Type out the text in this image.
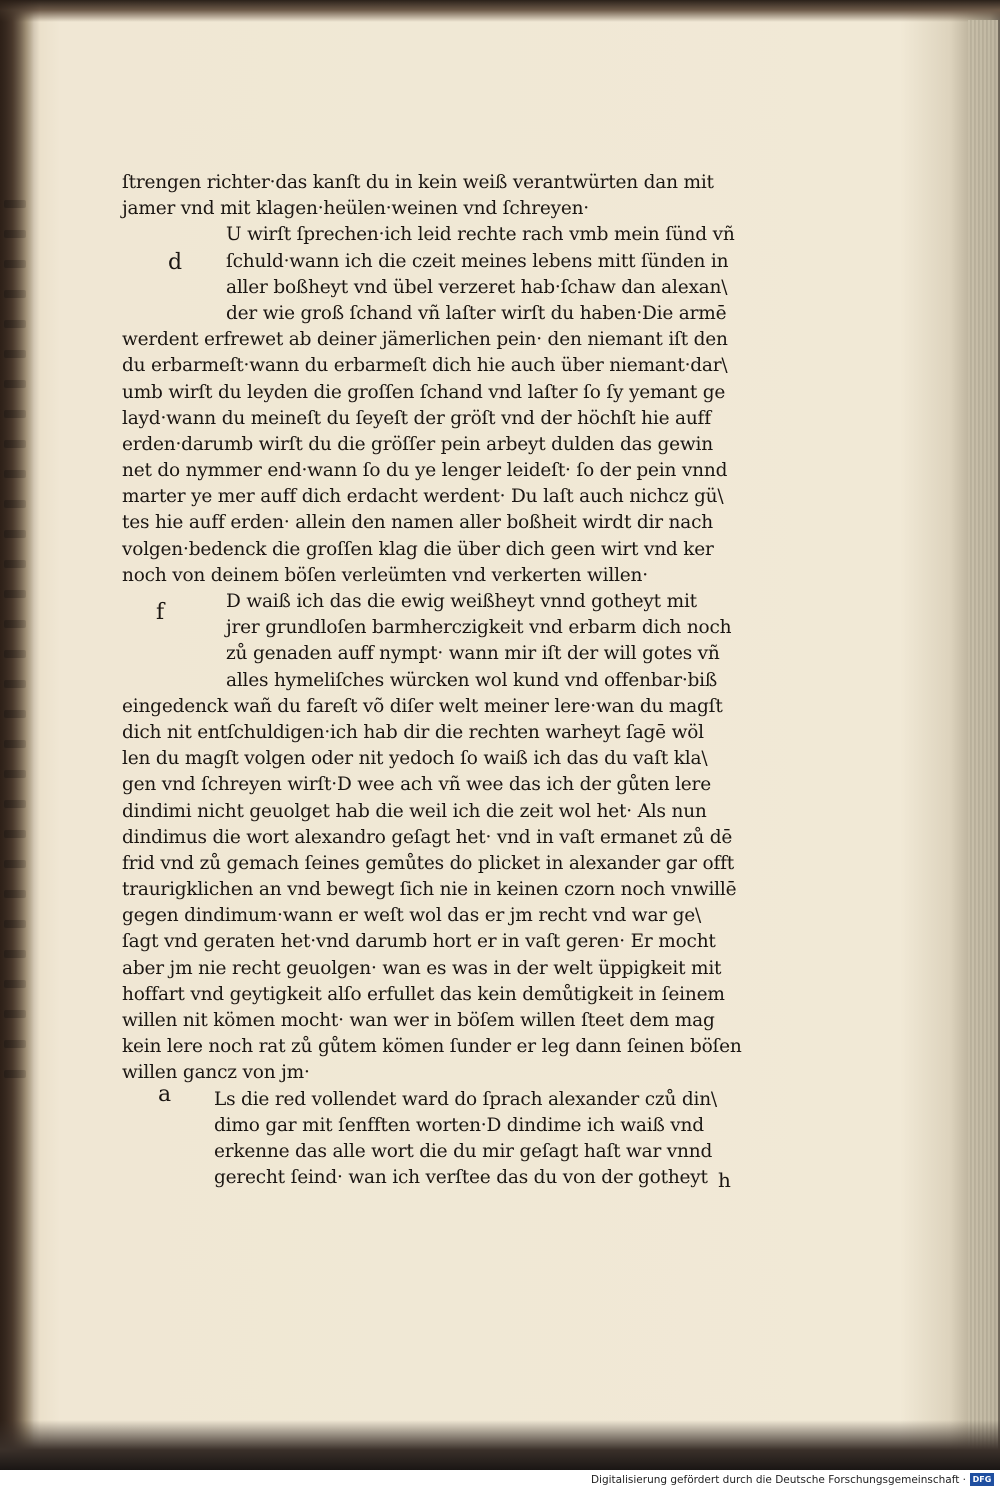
ſtrengen richter·das kanſt du in kein weiß verantwürten dan mit
jamer vnd mit klagen·heülen·weinen vnd ſchreyen·
U wirſt ſprechen·ich leid rechte rach vmb mein ſünd vñ
ſchuld·wann ich die czeit meines lebens mitt ſünden in
aller boßheyt vnd übel verzeret hab·ſchaw dan alexan\
der wie groß ſchand vñ laſter wirſt du haben·Die armē
werdent erfrewet ab deiner jämerlichen pein· den niemant iſt den
du erbarmeſt·wann du erbarmeſt dich hie auch über niemant·dar\
umb wirſt du leyden die groſſen ſchand vnd laſter ſo ſy yemant ge
layd·wann du meineſt du ſeyeſt der gröſt vnd der höchſt hie auff
erden·darumb wirſt du die gröſſer pein arbeyt dulden das gewin
net do nymmer end·wann ſo du ye lenger leideſt· ſo der pein vnnd
marter ye mer auff dich erdacht werdent· Du laſt auch nichcz gü\
tes hie auff erden· allein den namen aller boßheit wirdt dir nach
volgen·bedenck die groſſen klag die über dich geen wirt vnd ker
noch von deinem böſen verleümten vnd verkerten willen·
D waiß ich das die ewig weißheyt vnnd gotheyt mit
jrer grundloſen barmherczigkeit vnd erbarm dich noch
zů genaden auff nympt· wann mir iſt der will gotes vñ
alles hymeliſches würcken wol kund vnd offenbar·biß
eingedenck wañ du fareſt võ diſer welt meiner lere·wan du magſt
dich nit entſchuldigen·ich hab dir die rechten warheyt ſagē wöl
len du magſt volgen oder nit yedoch ſo waiß ich das du vaſt kla\
gen vnd ſchreyen wirſt·D wee ach vñ wee das ich der gůten lere
dindimi nicht geuolget hab die weil ich die zeit wol het· Als nun
dindimus die wort alexandro geſagt het· vnd in vaſt ermanet zů dē
frid vnd zů gemach ſeines gemůtes do plicket in alexander gar offt
traurigklichen an vnd bewegt ſich nie in keinen czorn noch vnwillē
gegen dindimum·wann er weſt wol das er jm recht vnd war ge\
ſagt vnd geraten het·vnd darumb hort er in vaſt geren· Er mocht
aber jm nie recht geuolgen· wan es was in der welt üppigkeit mit
hoffart vnd geytigkeit alſo erfullet das kein demůtigkeit in ſeinem
willen nit kömen mocht· wan wer in böſem willen ſteet dem mag
kein lere noch rat zů gůtem kömen ſunder er leg dann ſeinen böſen
willen gancz von jm·
Ls die red vollendet ward do ſprach alexander czů din\
dimo gar mit ſenfften worten·D dindime ich waiß vnd
erkenne das alle wort die du mir geſagt haſt war vnnd
gerecht ſeind· wan ich verſtee das du von der gotheyt
d
f
a
h
Digitalisierung gefördert durch die Deutsche Forschungsgemeinschaft · DFG
